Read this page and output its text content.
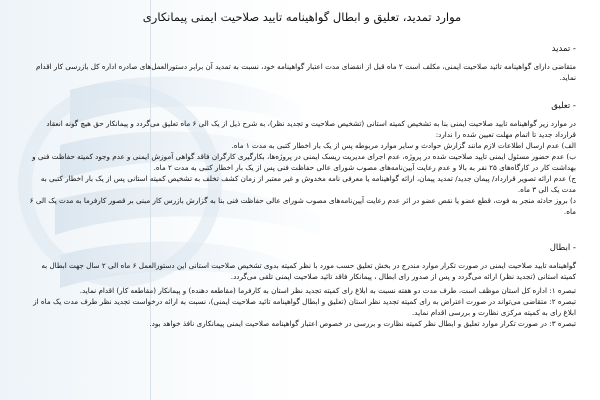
موارد تمدید، تعلیق و ابطال گواهینامه تایید صلاحیت ایمنی پیمانکاری
- تمدید

متقاضی دارای گواهینامه تائید صلاحیت ایمنی، مکلف است ۲ ماه قبل از انقضای مدت اعتبار گواهینامه خود، نسبت به تمدید آن برابر دستورالعمل‌های صادره اداره کل بازرسی کار اقدام نماید.

- تعلیق

در موارد زیر گواهینامه تایید صلاحیت ایمنی بنا به تشخیص کمیته استانی (تشخیص صلاحیت و تجدید نظر)، به شرح ذیل از یک الی ۶ ماه تعلیق می‌گردد و پیمانکار حق هیچ گونه انعقاد قرارداد جدید تا اتمام مهلت تعیین شده را ندارد:

الف) عدم ارسال اطلاعات لازم مانند گزارش حوادث و سایر موارد مربوطه پس از یک بار اخطار کتبی به مدت ۱ ماه.

ب) عدم حضور مسئول ایمنی تایید صلاحیت شده در پروژه، عدم اجرای مدیریت ریسک ایمنی در پروژه‌ها، بکارگیری کارگران فاقد گواهی آموزش ایمنی و عدم وجود کمیته حفاظت فنی و بهداشت کار در کارگاه‌های ۲۵ نفر به بالا و عدم رعایت آیین‌نامه‌های مصوب شورای عالی حفاظت فنی پس از یک بار اخطار کتبی به مدت ۲ ماه.

ج) عدم ارائه تصویر قرارداد/ پیمان جدید/ تمدید پیمان، ارائه گواهینامه یا معرفی نامه مخدوش و غیر معتبر از زمان کشف تخلف به تشخیص کمیته استانی پس از یک بار اخطار کتبی به مدت یک الی ۳ ماه.

د) بروز حادثه منجر به فوت، قطع عضو یا نقص عضو در اثر عدم رعایت آیین‌نامه‌های مصوب شورای عالی حفاظت فنی بنا به گزارش بازرس کار مبنی بر قصور کارفرما به مدت یک الی ۶ ماه.

- ابطال

گواهینامه تایید صلاحیت ایمنی در صورت تکرار موارد مندرج در بخش تعلیق حسب مورد با نظر کمیته بدوی تشخیص صلاحیت استانی این دستورالعمل ۶ ماه الی ۲ سال جهت ابطال به کمیته استانی (تجدید نظر) ارائه می‌گردد و پس از صدور رای ابطال ، پیمانکار فاقد تائید صلاحیت ایمنی تلقی می‌گردد.

تبصره ۱: اداره کل استان موظف است، طرف مدت دو هفته نسبت به ابلاغ رای کمیته تجدید نظر استان به کارفرما (مقاطعه دهنده) و پیمانکار (مقاطعه کار) اقدام نماید.

تبصره ۲: متقاضی می‌تواند در صورت اعتراض به رای کمیته تجدید نظر استان (تعلیق و ابطال گواهینامه تائید صلاحیت ایمنی)، نسبت به ارائه درخواست تجدید نظر طرف مدت یک ماه از ابلاغ رای به کمیته مرکزی نظارت و بررسی اقدام نماید.

تبصره ۳: در صورت تکرار موارد تعلیق و ابطال نظر کمیته نظارت و بررسی در خصوص اعتبار گواهینامه صلاحیت ایمنی پیمانکاری نافذ خواهد بود.
